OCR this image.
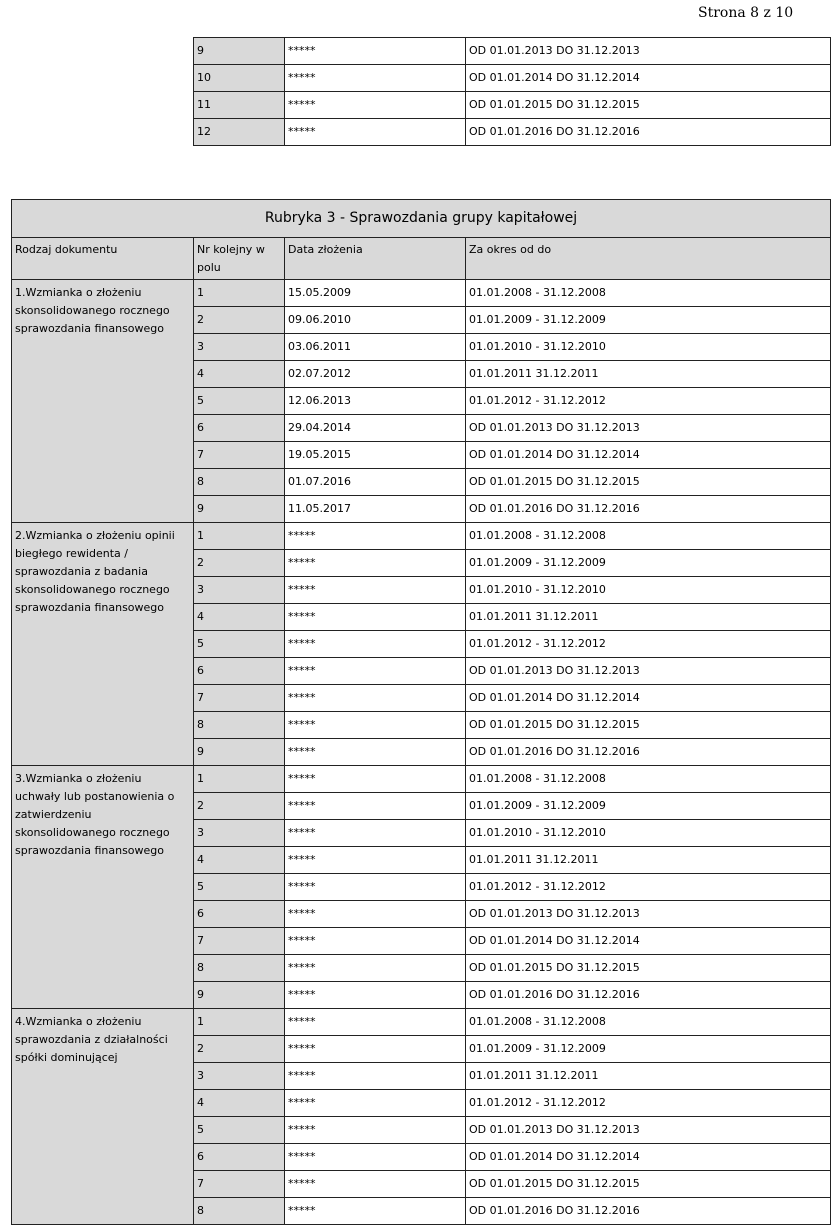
Strona 8 z 10
9	*****	OD 01.01.2013 DO 31.12.2013
10	*****	OD 01.01.2014 DO 31.12.2014
11	*****	OD 01.01.2015 DO 31.12.2015
12	*****	OD 01.01.2016 DO 31.12.2016
Rubryka 3 - Sprawozdania grupy kapitałowej			
Rodzaj dokumentu	Nr kolejny w polu	Data złożenia	Za okres od do
1.Wzmianka o złożeniu skonsolidowanego rocznego sprawozdania finansowego	1	15.05.2009	01.01.2008 - 31.12.2008
	2	09.06.2010	01.01.2009 - 31.12.2009
	3	03.06.2011	01.01.2010 - 31.12.2010
	4	02.07.2012	01.01.2011 31.12.2011
	5	12.06.2013	01.01.2012 - 31.12.2012
	6	29.04.2014	OD 01.01.2013 DO 31.12.2013
	7	19.05.2015	OD 01.01.2014 DO 31.12.2014
	8	01.07.2016	OD 01.01.2015 DO 31.12.2015
	9	11.05.2017	OD 01.01.2016 DO 31.12.2016
2.Wzmianka o złożeniu opinii biegłego rewidenta / sprawozdania z badania skonsolidowanego rocznego sprawozdania finansowego	1	*****	01.01.2008 - 31.12.2008
	2	*****	01.01.2009 - 31.12.2009
	3	*****	01.01.2010 - 31.12.2010
	4	*****	01.01.2011 31.12.2011
	5	*****	01.01.2012 - 31.12.2012
	6	*****	OD 01.01.2013 DO 31.12.2013
	7	*****	OD 01.01.2014 DO 31.12.2014
	8	*****	OD 01.01.2015 DO 31.12.2015
	9	*****	OD 01.01.2016 DO 31.12.2016
3.Wzmianka o złożeniu uchwały lub postanowienia o zatwierdzeniu skonsolidowanego rocznego sprawozdania finansowego	1	*****	01.01.2008 - 31.12.2008
	2	*****	01.01.2009 - 31.12.2009
	3	*****	01.01.2010 - 31.12.2010
	4	*****	01.01.2011 31.12.2011
	5	*****	01.01.2012 - 31.12.2012
	6	*****	OD 01.01.2013 DO 31.12.2013
	7	*****	OD 01.01.2014 DO 31.12.2014
	8	*****	OD 01.01.2015 DO 31.12.2015
	9	*****	OD 01.01.2016 DO 31.12.2016
4.Wzmianka o złożeniu sprawozdania z działalności spółki dominującej	1	*****	01.01.2008 - 31.12.2008
	2	*****	01.01.2009 - 31.12.2009
	3	*****	01.01.2011 31.12.2011
	4	*****	01.01.2012 - 31.12.2012
	5	*****	OD 01.01.2013 DO 31.12.2013
	6	*****	OD 01.01.2014 DO 31.12.2014
	7	*****	OD 01.01.2015 DO 31.12.2015
	8	*****	OD 01.01.2016 DO 31.12.2016
